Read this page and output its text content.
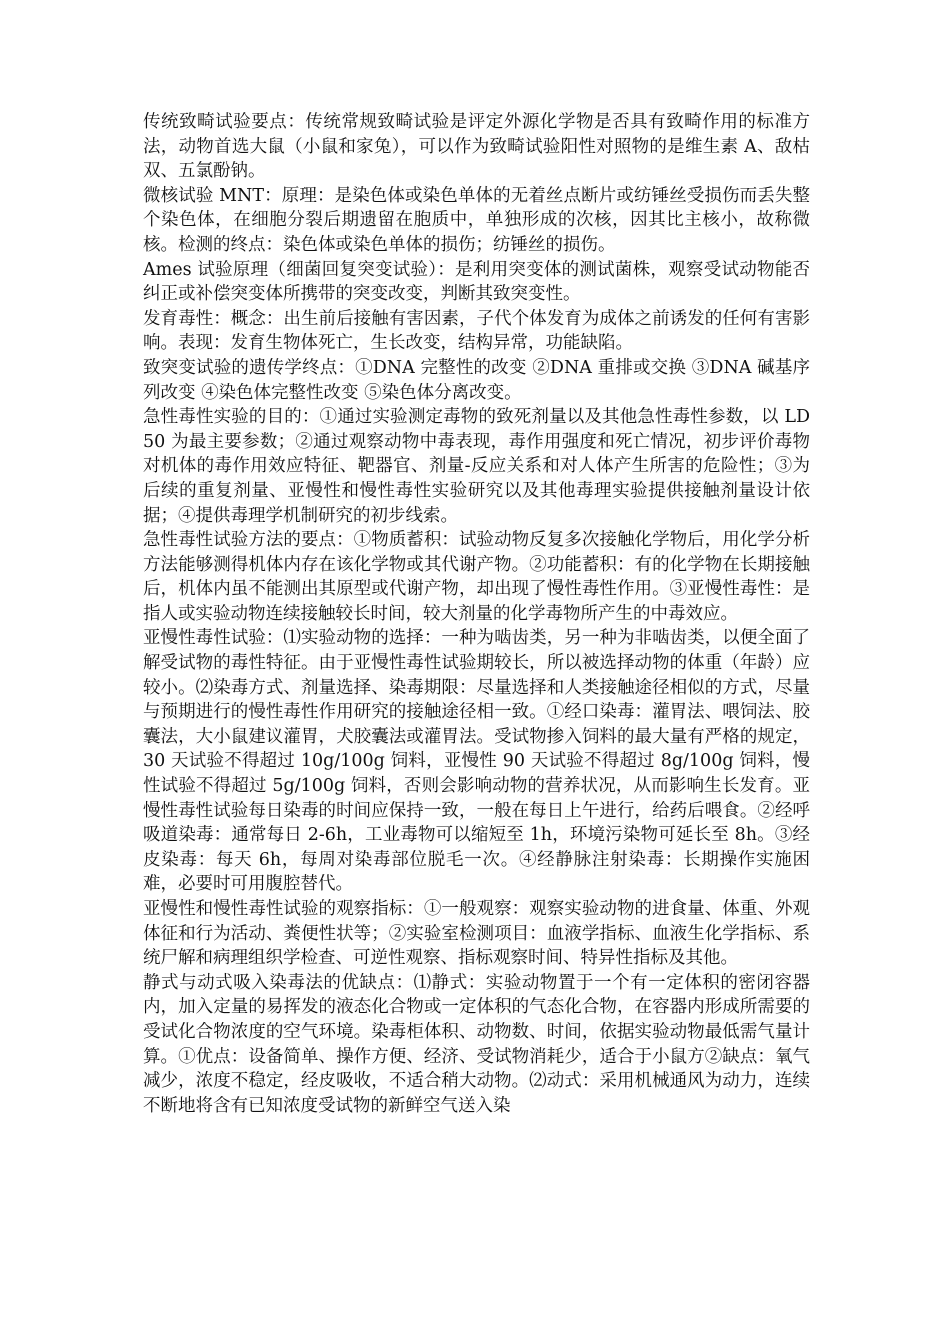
传统致畸试验要点：传统常规致畸试验是评定外源化学物是否具有致畸作用的标准方法，动物首选大鼠（小鼠和家兔），可以作为致畸试验阳性对照物的是维生素 A、敌枯双、五氯酚钠。

微核试验 MNT：原理：是染色体或染色单体的无着丝点断片或纺锤丝受损伤而丢失整个染色体，在细胞分裂后期遗留在胞质中，单独形成的次核，因其比主核小，故称微核。检测的终点：染色体或染色单体的损伤；纺锤丝的损伤。

Ames 试验原理（细菌回复突变试验）：是利用突变体的测试菌株，观察受试动物能否纠正或补偿突变体所携带的突变改变，判断其致突变性。

发育毒性：概念：出生前后接触有害因素，子代个体发育为成体之前诱发的任何有害影响。表现：发育生物体死亡，生长改变，结构异常，功能缺陷。

致突变试验的遗传学终点：①DNA 完整性的改变 ②DNA 重排或交换 ③DNA 碱基序列改变 ④染色体完整性改变 ⑤染色体分离改变。

急性毒性实验的目的：①通过实验测定毒物的致死剂量以及其他急性毒性参数，以 LD50 为最主要参数；②通过观察动物中毒表现，毒作用强度和死亡情况，初步评价毒物对机体的毒作用效应特征、靶器官、剂量-反应关系和对人体产生所害的危险性；③为后续的重复剂量、亚慢性和慢性毒性实验研究以及其他毒理实验提供接触剂量设计依据；④提供毒理学机制研究的初步线索。

急性毒性试验方法的要点：①物质蓄积：试验动物反复多次接触化学物后，用化学分析方法能够测得机体内存在该化学物或其代谢产物。②功能蓄积：有的化学物在长期接触后，机体内虽不能测出其原型或代谢产物，却出现了慢性毒性作用。③亚慢性毒性：是指人或实验动物连续接触较长时间，较大剂量的化学毒物所产生的中毒效应。

亚慢性毒性试验：⑴实验动物的选择：一种为啮齿类，另一种为非啮齿类，以便全面了解受试物的毒性特征。由于亚慢性毒性试验期较长，所以被选择动物的体重（年龄）应较小。⑵染毒方式、剂量选择、染毒期限：尽量选择和人类接触途径相似的方式，尽量与预期进行的慢性毒性作用研究的接触途径相一致。①经口染毒：灌胃法、喂饲法、胶囊法，大小鼠建议灌胃，犬胶囊法或灌胃法。受试物掺入饲料的最大量有严格的规定， 30 天试验不得超过 10g/100g 饲料，亚慢性 90 天试验不得超过 8g/100g 饲料，慢性试验不得超过 5g/100g 饲料，否则会影响动物的营养状况，从而影响生长发育。亚慢性毒性试验每日染毒的时间应保持一致，一般在每日上午进行，给药后喂食。②经呼吸道染毒：通常每日 2-6h，工业毒物可以缩短至 1h，环境污染物可延长至 8h。③经皮染毒：每天 6h，每周对染毒部位脱毛一次。④经静脉注射染毒：长期操作实施困难，必要时可用腹腔替代。

亚慢性和慢性毒性试验的观察指标：①一般观察：观察实验动物的进食量、体重、外观体征和行为活动、粪便性状等；②实验室检测项目：血液学指标、血液生化学指标、系统尸解和病理组织学检查、可逆性观察、指标观察时间、特异性指标及其他。

静式与动式吸入染毒法的优缺点：⑴静式：实验动物置于一个有一定体积的密闭容器内，加入定量的易挥发的液态化合物或一定体积的气态化合物，在容器内形成所需要的受试化合物浓度的空气环境。染毒柜体积、动物数、时间，依据实验动物最低需气量计算。①优点：设备简单、操作方便、经济、受试物消耗少，适合于小鼠方②缺点：氧气减少，浓度不稳定，经皮吸收，不适合稍大动物。⑵动式：采用机械通风为动力，连续不断地将含有已知浓度受试物的新鲜空气送入染
